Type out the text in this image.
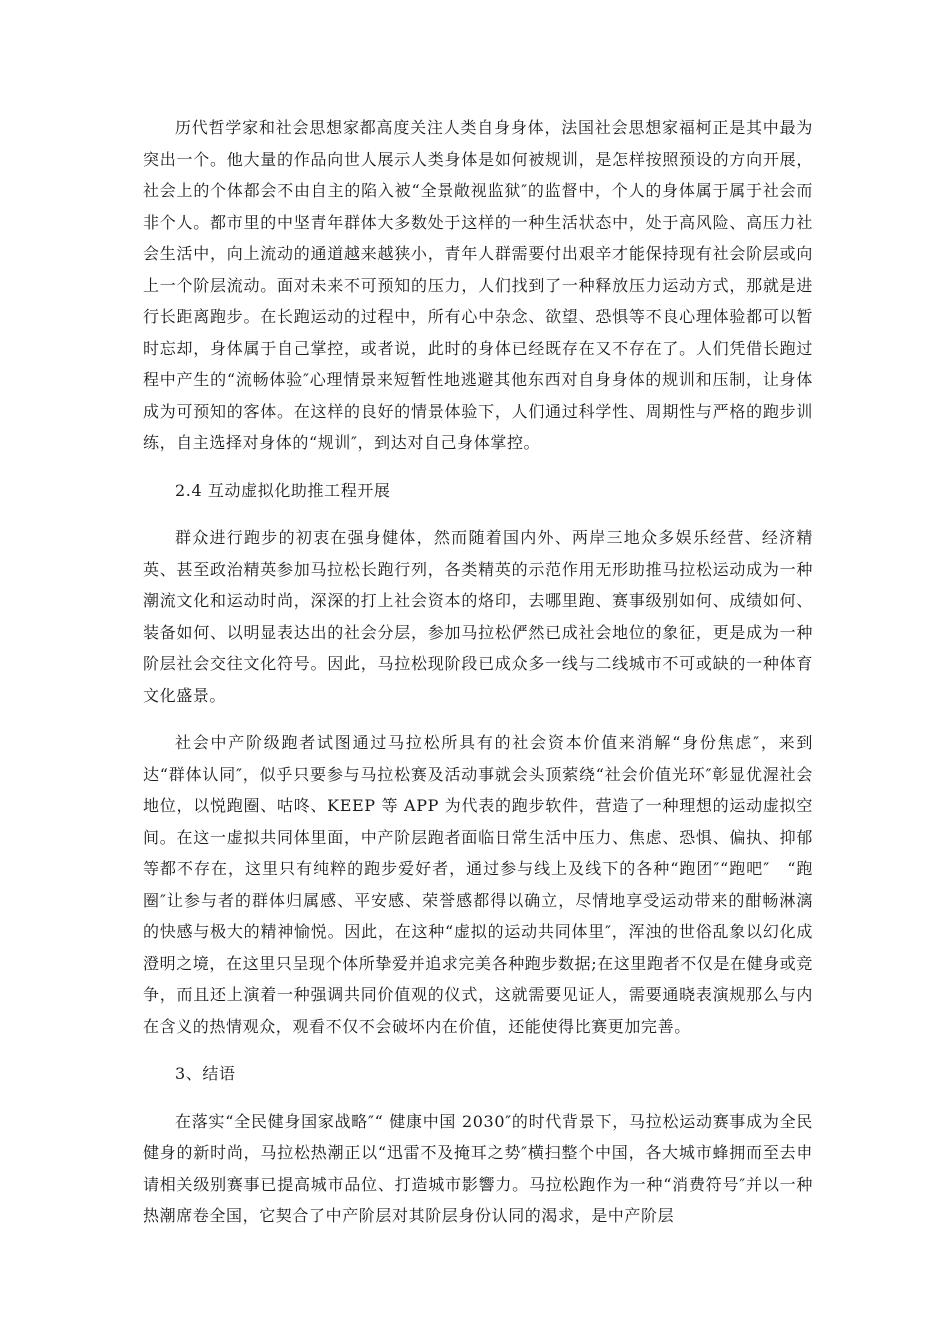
历代哲学家和社会思想家都高度关注人类自身身体，法国社会思想家福柯正是其中最为突出一个。他大量的作品向世人展示人类身体是如何被规训，是怎样按照预设的方向开展，社会上的个体都会不由自主的陷入被“全景敞视监狱″的监督中，个人的身体属于属于社会而非个人。都市里的中坚青年群体大多数处于这样的一种生活状态中，处于高风险、高压力社会生活中，向上流动的通道越来越狭小，青年人群需要付出艰辛才能保持现有社会阶层或向上一个阶层流动。面对未来不可预知的压力，人们找到了一种释放压力运动方式，那就是进行长距离跑步。在长跑运动的过程中，所有心中杂念、欲望、恐惧等不良心理体验都可以暂时忘却，身体属于自己掌控，或者说，此时的身体已经既存在又不存在了。人们凭借长跑过程中产生的“流畅体验″心理情景来短暂性地逃避其他东西对自身身体的规训和压制，让身体成为可预知的客体。在这样的良好的情景体验下，人们通过科学性、周期性与严格的跑步训练，自主选择对身体的“规训″，到达对自己身体掌控。

2.4 互动虚拟化助推工程开展

群众进行跑步的初衷在强身健体，然而随着国内外、两岸三地众多娱乐经营、经济精英、甚至政治精英参加马拉松长跑行列，各类精英的示范作用无形助推马拉松运动成为一种潮流文化和运动时尚，深深的打上社会资本的烙印，去哪里跑、赛事级别如何、成绩如何、装备如何、以明显表达出的社会分层，参加马拉松俨然已成社会地位的象征，更是成为一种阶层社会交往文化符号。因此，马拉松现阶段已成众多一线与二线城市不可或缺的一种体育文化盛景。

社会中产阶级跑者试图通过马拉松所具有的社会资本价值来消解“身份焦虑″，来到达“群体认同″，似乎只要参与马拉松赛及活动事就会头顶萦绕“社会价值光环″彰显优渥社会地位，以悦跑圈、咕咚、KEEP 等 APP 为代表的跑步软件，营造了一种理想的运动虚拟空间。在这一虚拟共同体里面，中产阶层跑者面临日常生活中压力、焦虑、恐惧、偏执、抑郁等都不存在，这里只有纯粹的跑步爱好者，通过参与线上及线下的各种“跑团″“跑吧″　“跑圈″让参与者的群体归属感、平安感、荣誉感都得以确立，尽情地享受运动带来的酣畅淋漓的快感与极大的精神愉悦。因此，在这种“虚拟的运动共同体里″，浑浊的世俗乱象以幻化成澄明之境，在这里只呈现个体所挚爱并追求完美各种跑步数据;在这里跑者不仅是在健身或竞争，而且还上演着一种强调共同价值观的仪式，这就需要见证人，需要通晓表演规那么与内在含义的热情观众，观看不仅不会破坏内在价值，还能使得比赛更加完善。

3、结语

在落实“全民健身国家战略″“ 健康中国 2030″的时代背景下，马拉松运动赛事成为全民健身的新时尚，马拉松热潮正以“迅雷不及掩耳之势″横扫整个中国，各大城市蜂拥而至去申请相关级别赛事已提高城市品位、打造城市影響力。马拉松跑作为一种“消费符号″并以一种热潮席卷全国，它契合了中产阶层对其阶层身份认同的渴求，是中产阶层
